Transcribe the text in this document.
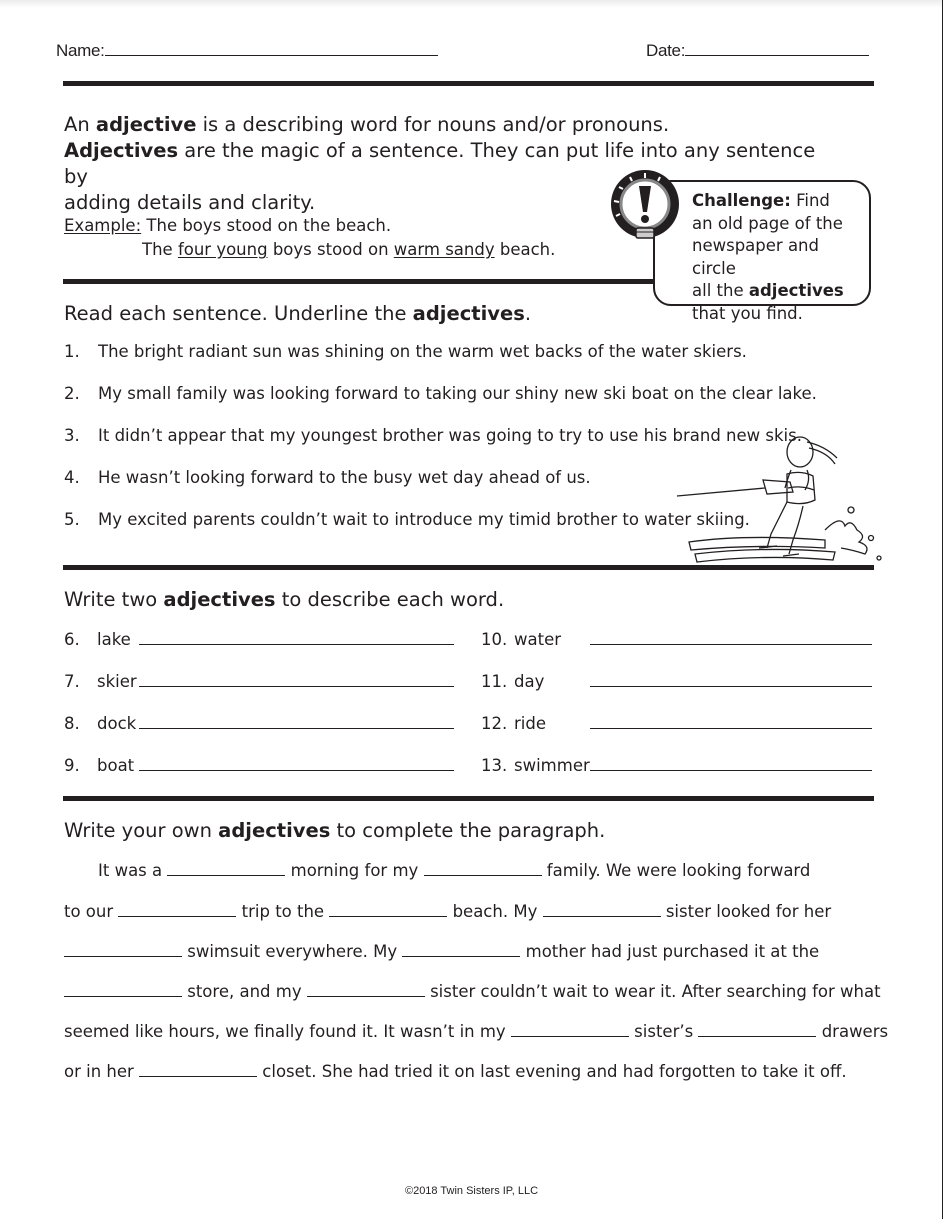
Name:	Date:
An adjective is a describing word for nouns and/or pronouns.
Adjectives are the magic of a sentence. They can put life into any sentence by
adding details and clarity.
Example: The boys stood on the beach.
The four young boys stood on warm sandy beach.
Challenge: Find
an old page of the
newspaper and circle
all the adjectives
that you find.
Read each sentence. Underline the adjectives.
1. The bright radiant sun was shining on the warm wet backs of the water skiers.
2. My small family was looking forward to taking our shiny new ski boat on the clear lake.
3. It didn’t appear that my youngest brother was going to try to use his brand new skis.
4. He wasn’t looking forward to the busy wet day ahead of us.
5. My excited parents couldn’t wait to introduce my timid brother to water skiing.
Write two adjectives to describe each word.
6. lake
7. skier
8. dock
9. boat
10. water
11. day
12. ride
13. swimmer
Write your own adjectives to complete the paragraph.
It was a	morning for my	family. We were looking forward
to our	trip to the	beach. My	sister looked for her
swimsuit everywhere. My	mother had just purchased it at the
store, and my	sister couldn’t wait to wear it. After searching for what
seemed like hours, we finally found it. It wasn’t in my	sister’s	drawers
or in her	closet. She had tried it on last evening and had forgotten to take it off.
©2018 Twin Sisters IP, LLC
